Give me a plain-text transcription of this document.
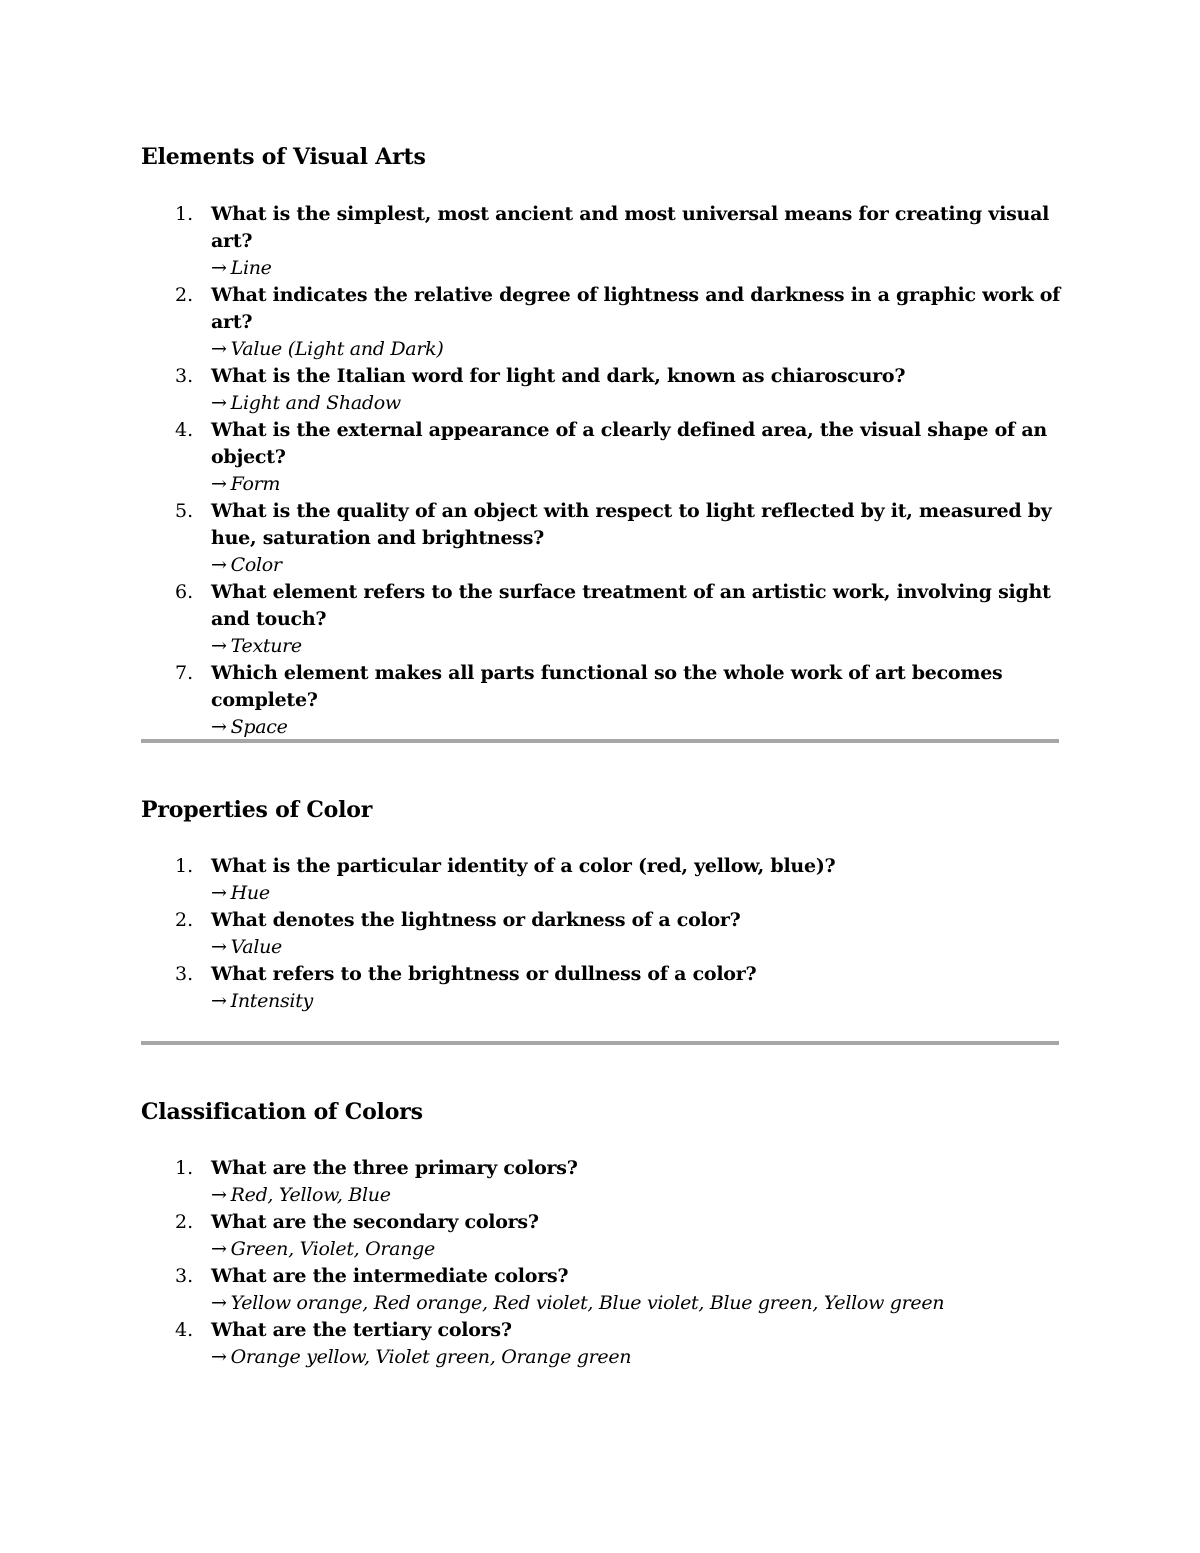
Elements of Visual Arts
1. What is the simplest, most ancient and most universal means for creating visual art?
→ Line
2. What indicates the relative degree of lightness and darkness in a graphic work of art?
→ Value (Light and Dark)
3. What is the Italian word for light and dark, known as chiaroscuro?
→ Light and Shadow
4. What is the external appearance of a clearly defined area, the visual shape of an object?
→ Form
5. What is the quality of an object with respect to light reflected by it, measured by hue, saturation and brightness?
→ Color
6. What element refers to the surface treatment of an artistic work, involving sight and touch?
→ Texture
7. Which element makes all parts functional so the whole work of art becomes complete?
→ Space
Properties of Color
1. What is the particular identity of a color (red, yellow, blue)?
→ Hue
2. What denotes the lightness or darkness of a color?
→ Value
3. What refers to the brightness or dullness of a color?
→ Intensity
Classification of Colors
1. What are the three primary colors?
→ Red, Yellow, Blue
2. What are the secondary colors?
→ Green, Violet, Orange
3. What are the intermediate colors?
→ Yellow orange, Red orange, Red violet, Blue violet, Blue green, Yellow green
4. What are the tertiary colors?
→ Orange yellow, Violet green, Orange green
